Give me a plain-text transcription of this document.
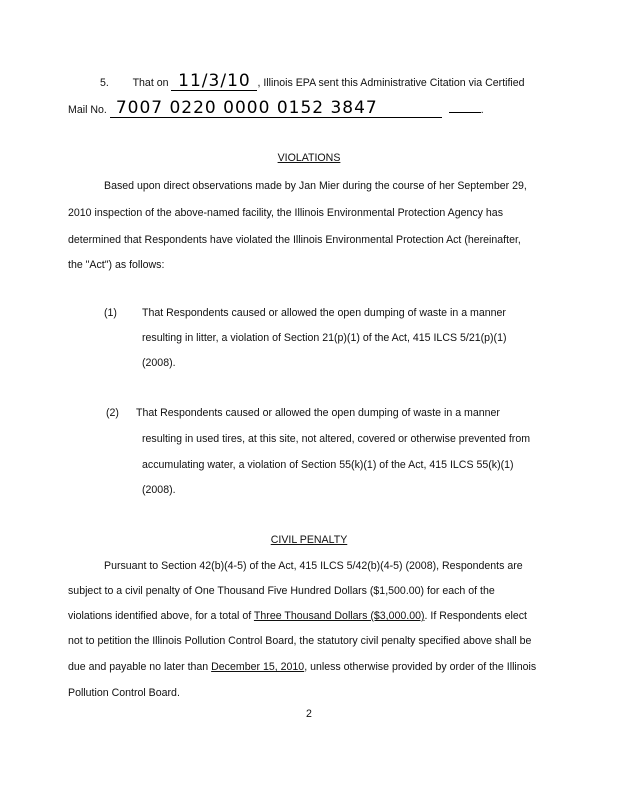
5. That on 11/3/10 , Illinois EPA sent this Administrative Citation via Certified
Mail No. 7007 0220 0000 0152 3847	.
VIOLATIONS
Based upon direct observations made by Jan Mier during the course of her September 29,
2010 inspection of the above-named facility, the Illinois Environmental Protection Agency has
determined that Respondents have violated the Illinois Environmental Protection Act (hereinafter,
the "Act") as follows:
(1) That Respondents caused or allowed the open dumping of waste in a manner
resulting in litter, a violation of Section 21(p)(1) of the Act, 415 ILCS 5/21(p)(1)
(2008).
(2) That Respondents caused or allowed the open dumping of waste in a manner
resulting in used tires, at this site, not altered, covered or otherwise prevented from
accumulating water, a violation of Section 55(k)(1) of the Act, 415 ILCS 55(k)(1)
(2008).
CIVIL PENALTY
Pursuant to Section 42(b)(4-5) of the Act, 415 ILCS 5/42(b)(4-5) (2008), Respondents are
subject to a civil penalty of One Thousand Five Hundred Dollars ($1,500.00) for each of the
violations identified above, for a total of Three Thousand Dollars ($3,000.00). If Respondents elect
not to petition the Illinois Pollution Control Board, the statutory civil penalty specified above shall be
due and payable no later than December 15, 2010, unless otherwise provided by order of the Illinois
Pollution Control Board.
2
